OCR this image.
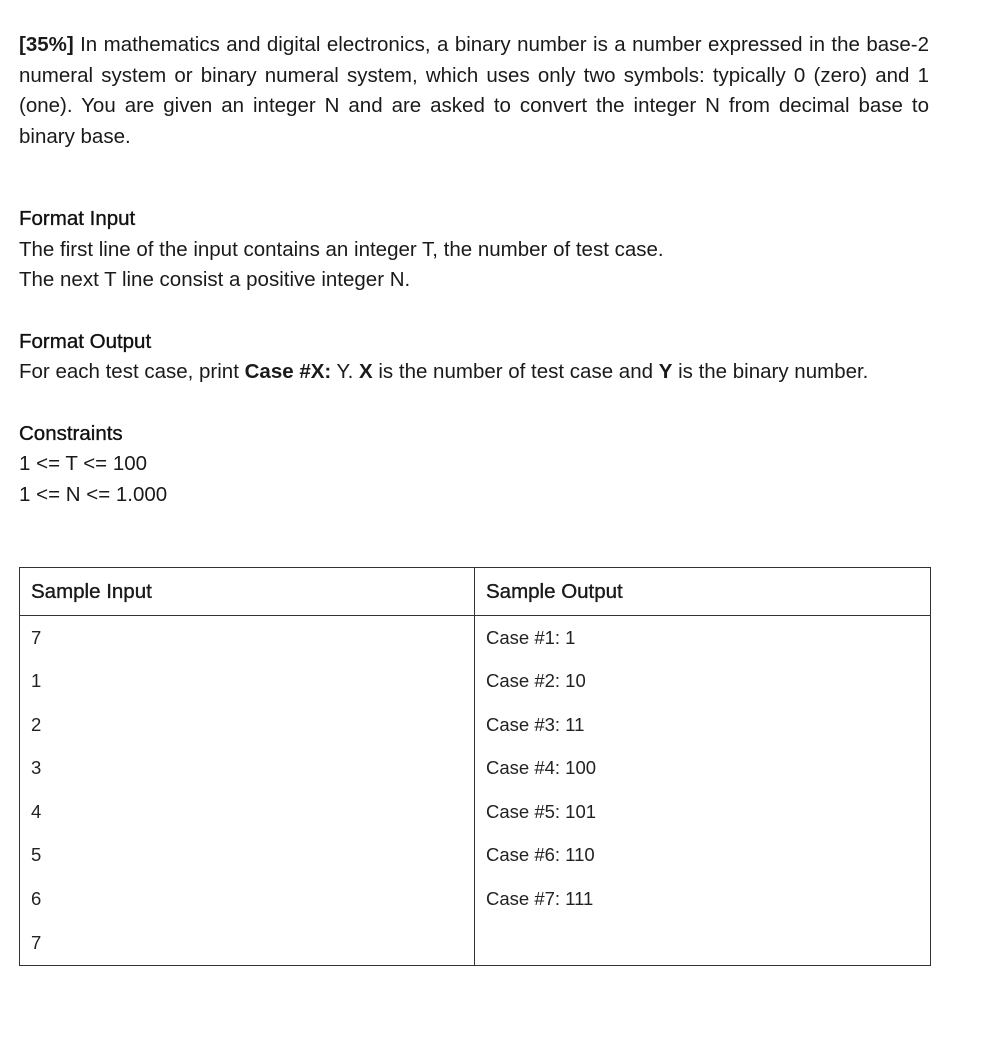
[35%] In mathematics and digital electronics, a binary number is a number expressed in the base-2 numeral system or binary numeral system, which uses only two symbols: typically 0 (zero) and 1 (one). You are given an integer N and are asked to convert the integer N from decimal base to binary base.

Format Input

The first line of the input contains an integer T, the number of test case.

The next T line consist a positive integer N.

Format Output

For each test case, print Case #X: Y. X is the number of test case and Y is the binary number.

Constraints

1 <= T <= 100

1 <= N <= 1.000

Sample Input	Sample Output
7	Case #1: 1
1	Case #2: 10
2	Case #3: 11
3	Case #4: 100
4	Case #5: 101
5	Case #6: 110
6	Case #7: 111
7	
